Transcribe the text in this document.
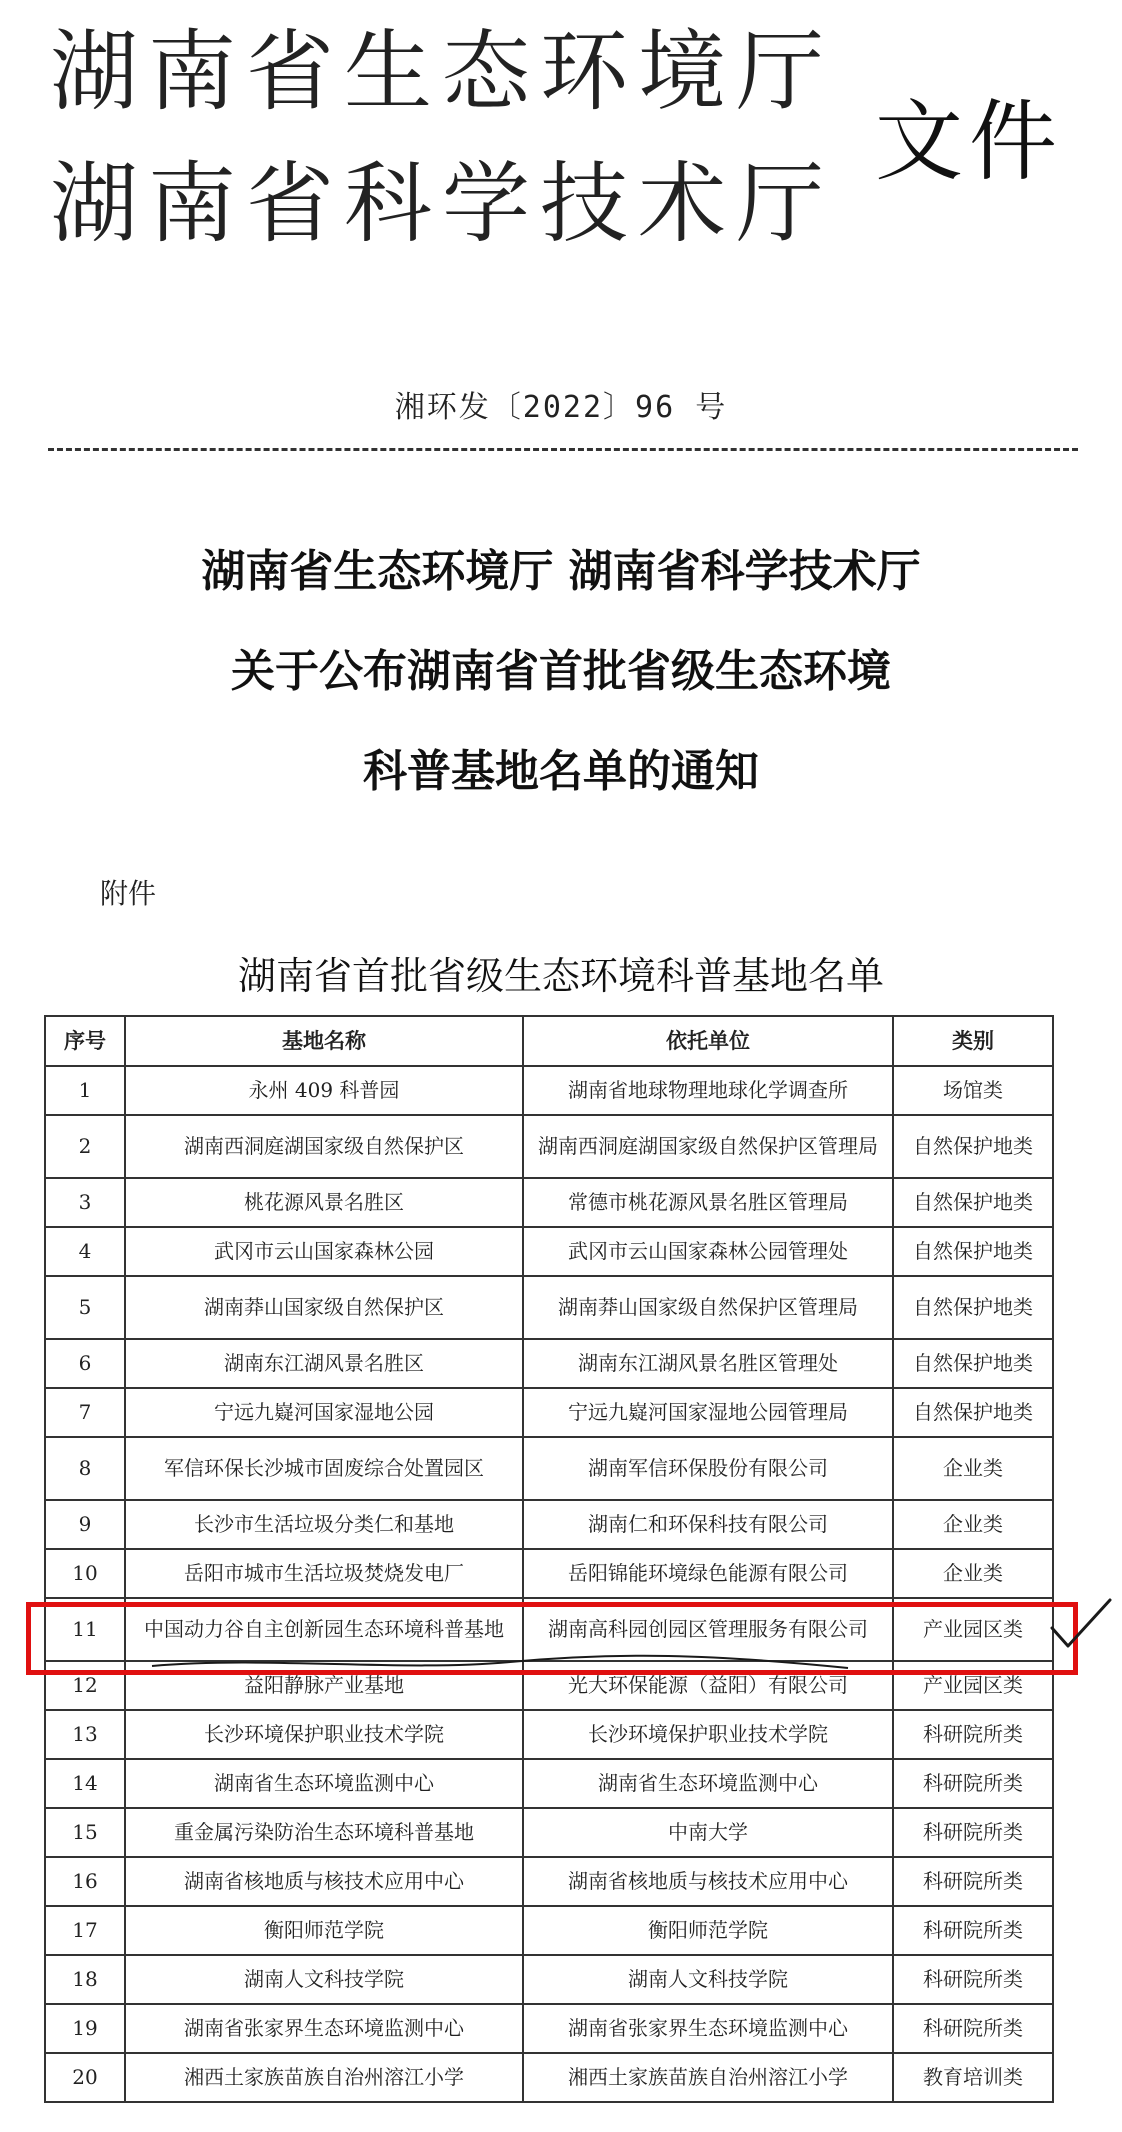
湖南省生态环境厅
湖南省科学技术厅
文件
湘环发〔2022〕96 号
湖南省生态环境厅 湖南省科学技术厅
关于公布湖南省首批省级生态环境
科普基地名单的通知
附件
湖南省首批省级生态环境科普基地名单
序号	基地名称	依托单位	类别
1	永州 409 科普园	湖南省地球物理地球化学调查所	场馆类
2	湖南西洞庭湖国家级自然保护区	湖南西洞庭湖国家级自然保护区管理局	自然保护地类
3	桃花源风景名胜区	常德市桃花源风景名胜区管理局	自然保护地类
4	武冈市云山国家森林公园	武冈市云山国家森林公园管理处	自然保护地类
5	湖南莽山国家级自然保护区	湖南莽山国家级自然保护区管理局	自然保护地类
6	湖南东江湖风景名胜区	湖南东江湖风景名胜区管理处	自然保护地类
7	宁远九嶷河国家湿地公园	宁远九嶷河国家湿地公园管理局	自然保护地类
8	军信环保长沙城市固废综合处置园区	湖南军信环保股份有限公司	企业类
9	长沙市生活垃圾分类仁和基地	湖南仁和环保科技有限公司	企业类
10	岳阳市城市生活垃圾焚烧发电厂	岳阳锦能环境绿色能源有限公司	企业类
11	中国动力谷自主创新园生态环境科普基地	湖南高科园创园区管理服务有限公司	产业园区类
12	益阳静脉产业基地	光大环保能源（益阳）有限公司	产业园区类
13	长沙环境保护职业技术学院	长沙环境保护职业技术学院	科研院所类
14	湖南省生态环境监测中心	湖南省生态环境监测中心	科研院所类
15	重金属污染防治生态环境科普基地	中南大学	科研院所类
16	湖南省核地质与核技术应用中心	湖南省核地质与核技术应用中心	科研院所类
17	衡阳师范学院	衡阳师范学院	科研院所类
18	湖南人文科技学院	湖南人文科技学院	科研院所类
19	湖南省张家界生态环境监测中心	湖南省张家界生态环境监测中心	科研院所类
20	湘西土家族苗族自治州溶江小学	湘西土家族苗族自治州溶江小学	教育培训类
